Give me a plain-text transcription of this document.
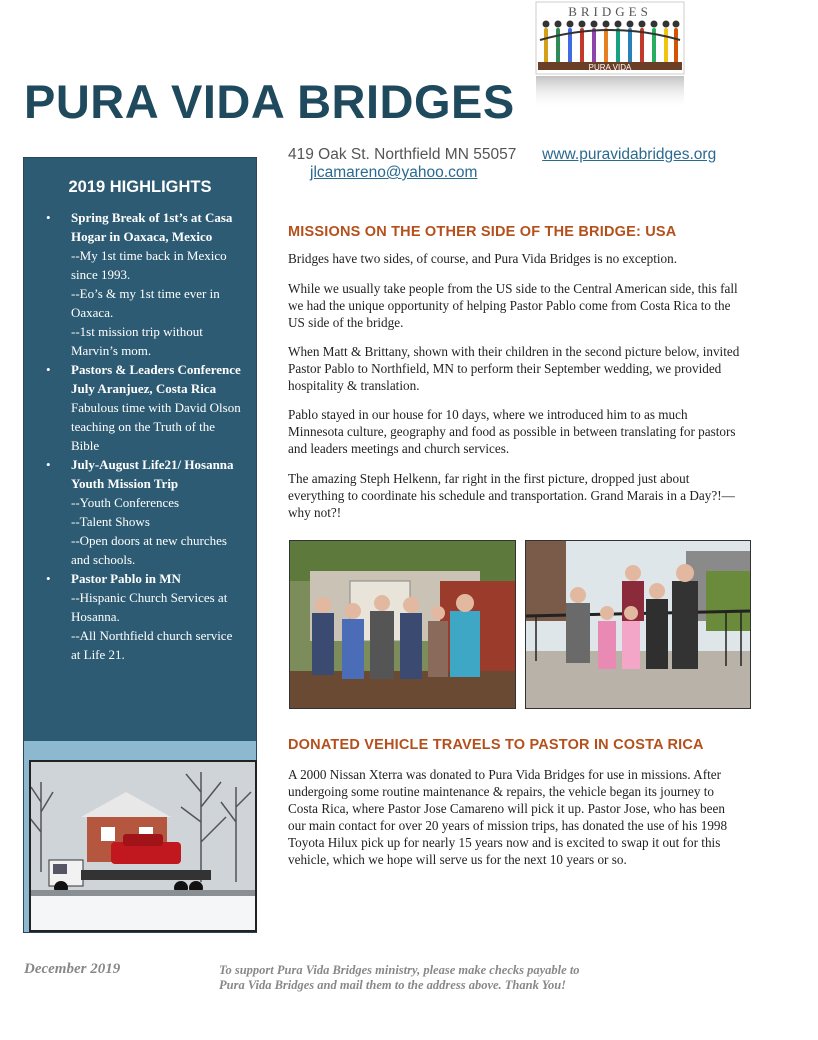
PURA VIDA BRIDGES
BRIDGES
PURA VIDA
419 Oak St. Northfield MN 55057 www.puravidabridges.org
jlcamareno@yahoo.com
2019 HIGHLIGHTS
• Spring Break of 1st’s at Casa Hogar in Oaxaca, Mexico
--My 1st time back in Mexico since 1993.
--Eo’s & my 1st time ever in Oaxaca.
--1st mission trip without Marvin’s mom.
• Pastors & Leaders Conference July Aranjuez, Costa Rica
Fabulous time with David Olson teaching on the Truth of the Bible
• July-August Life21/ Hosanna Youth Mission Trip
--Youth Conferences
--Talent Shows
--Open doors at new churches and schools.
• Pastor Pablo in MN
--Hispanic Church Services at Hosanna.
--All Northfield church service at Life 21.
MISSIONS ON THE OTHER SIDE OF THE BRIDGE: USA

Bridges have two sides, of course, and Pura Vida Bridges is no exception.

While we usually take people from the US side to the Central American side, this fall we had the unique opportunity of helping Pastor Pablo come from Costa Rica to the US side of the bridge.

When Matt & Brittany, shown with their children in the second picture below, invited Pastor Pablo to Northfield, MN to perform their September wedding, we provided hospitality & translation.

Pablo stayed in our house for 10 days, where we introduced him to as much Minnesota culture, geography and food as possible in between translating for pastors and leaders meetings and church services.

The amazing Steph Helkenn, far right in the first picture, dropped just about everything to coordinate his schedule and transportation. Grand Marais in a Day?!—why not?!

DONATED VEHICLE TRAVELS TO PASTOR IN COSTA RICA

A 2000 Nissan Xterra was donated to Pura Vida Bridges for use in missions. After undergoing some routine maintenance & repairs, the vehicle began its journey to Costa Rica, where Pastor Jose Camareno will pick it up. Pastor Jose, who has been our main contact for over 20 years of mission trips, has donated the use of his 1998 Toyota Hilux pick up for nearly 15 years now and is excited to swap it out for this vehicle, which we hope will serve us for the next 10 years or so.

December 2019	To support Pura Vida Bridges ministry, please make checks payable to
Pura Vida Bridges and mail them to the address above. Thank You!
